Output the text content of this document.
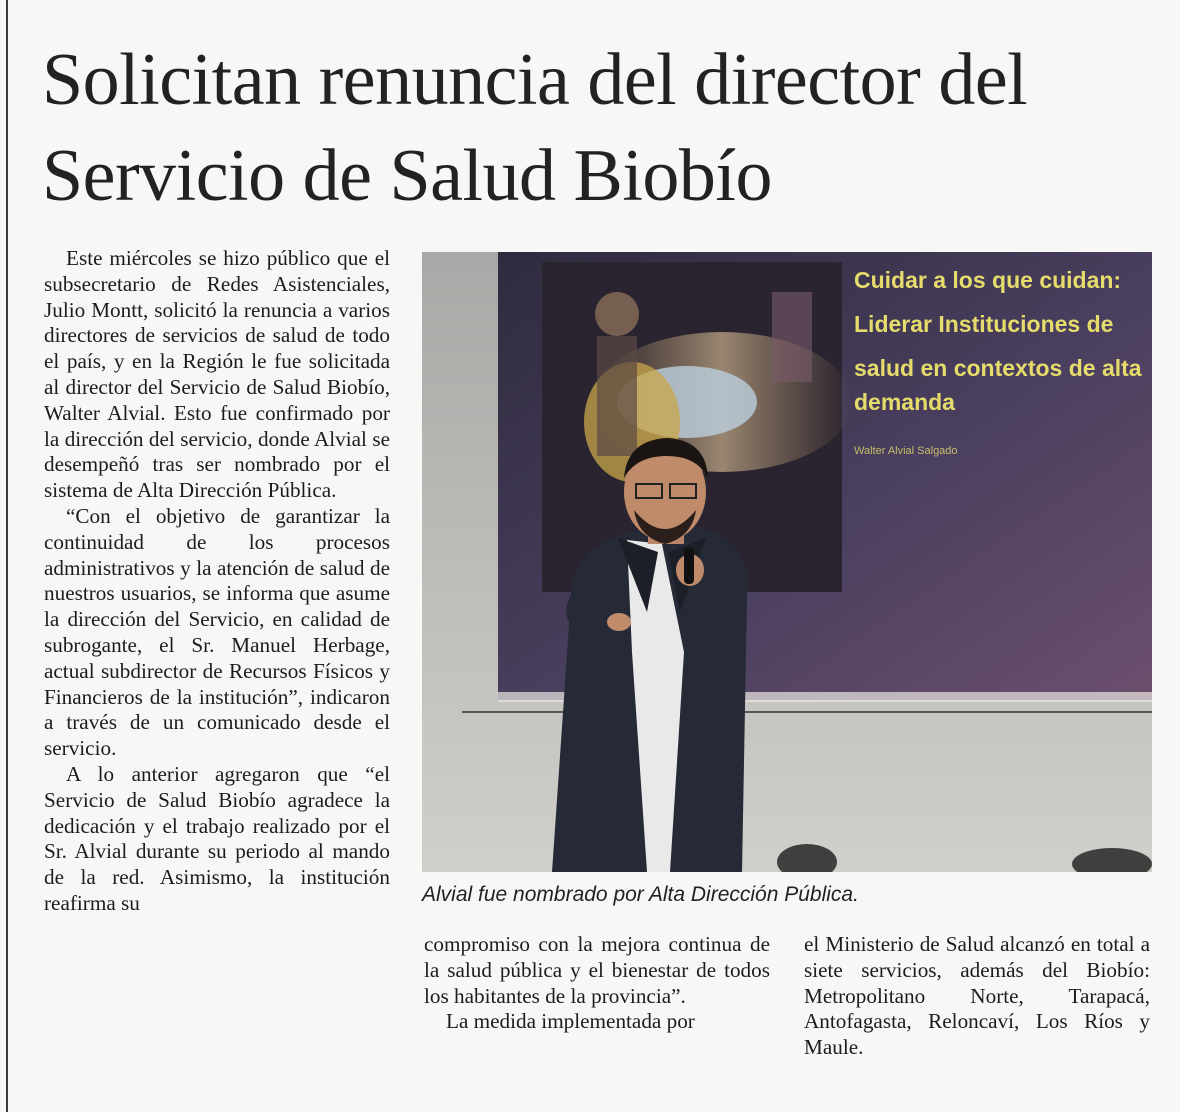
Solicitan renuncia del director del Servicio de Salud Biobío

Este miércoles se hizo público que el subsecretario de Redes Asistenciales, Julio Montt, solicitó la renuncia a varios directores de servicios de salud de todo el país, y en la Región le fue solicitada al director del Servicio de Salud Biobío, Walter Alvial. Esto fue confirmado por la dirección del servicio, donde Alvial se desempeñó tras ser nombrado por el sistema de Alta Dirección Pública.

“Con el objetivo de garantizar la continuidad de los procesos administrativos y la atención de salud de nuestros usuarios, se informa que asume la dirección del Servicio, en calidad de subrogante, el Sr. Manuel Herbage, actual subdirector de Recursos Físicos y Financieros de la institución”, indicaron a través de un comunicado desde el servicio.

A lo anterior agregaron que “el Servicio de Salud Biobío agradece la dedicación y el trabajo realizado por el Sr. Alvial durante su periodo al mando de la red. Asimismo, la institución reafirma su

Cuidar a los que cuidan:
Liderar Instituciones de
salud en contextos de alta
demanda
Walter Alvial Salgado

Alvial fue nombrado por Alta Dirección Pública.

compromiso con la mejora continua de la salud pública y el bienestar de todos los habitantes de la provincia”.

La medida implementada por

el Ministerio de Salud alcanzó en total a siete servicios, además del Biobío: Metropolitano Norte, Tarapacá, Antofagasta, Reloncaví, Los Ríos y Maule.
